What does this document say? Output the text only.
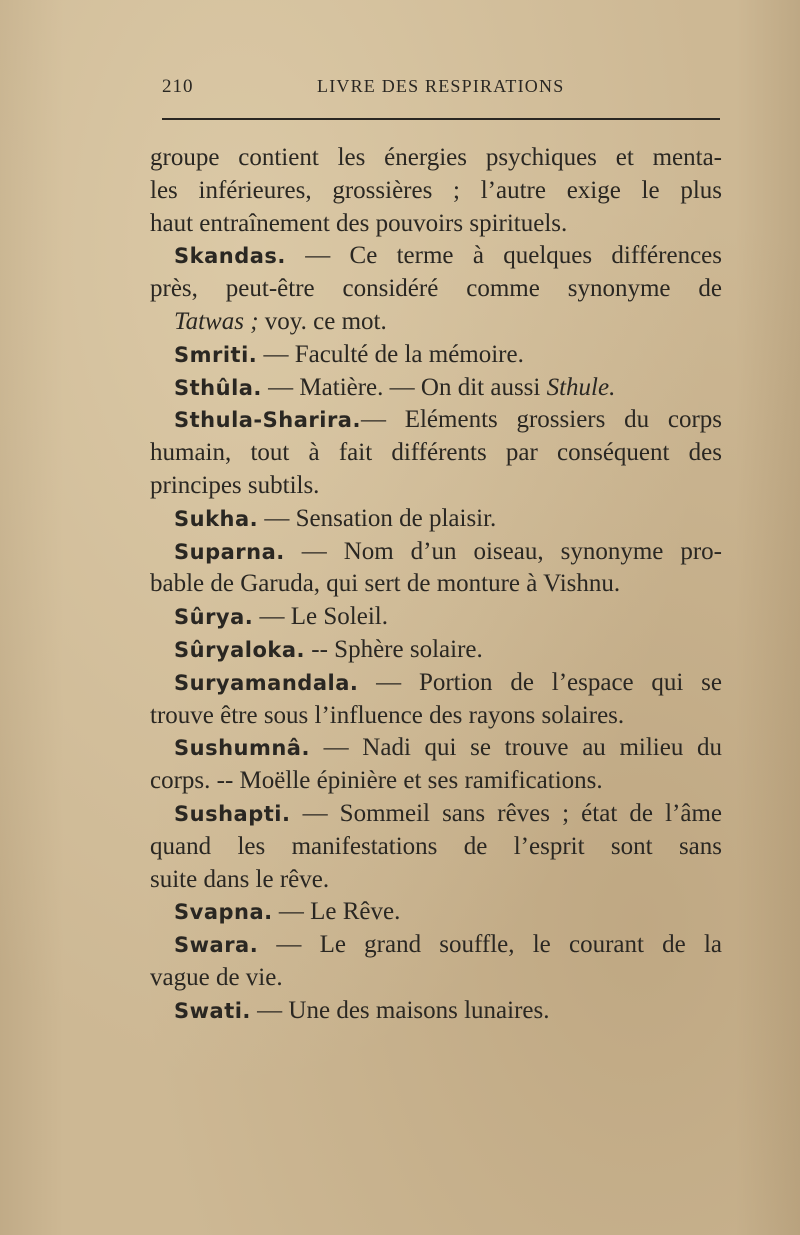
210	LIVRE DES RESPIRATIONS
groupe contient les énergies psychiques et menta-
les inférieures, grossières ; l’autre exige le plus
haut entraînement des pouvoirs spirituels.
Skandas. — Ce terme à quelques différences
près, peut-être considéré comme synonyme de
Tatwas ; voy. ce mot.
Smriti. — Faculté de la mémoire.
Sthûla. — Matière. — On dit aussi Sthule.
Sthula-Sharira.— Eléments grossiers du corps
humain, tout à fait différents par conséquent des
principes subtils.
Sukha. — Sensation de plaisir.
Suparna. — Nom d’un oiseau, synonyme pro-
bable de Garuda, qui sert de monture à Vishnu.
Sûrya. — Le Soleil.
Sûryaloka. -- Sphère solaire.
Suryamandala. — Portion de l’espace qui se
trouve être sous l’influence des rayons solaires.
Sushumnâ. — Nadi qui se trouve au milieu du
corps. -- Moëlle épinière et ses ramifications.
Sushapti. — Sommeil sans rêves ; état de l’âme
quand les manifestations de l’esprit sont sans
suite dans le rêve.
Svapna. — Le Rêve.
Swara. — Le grand souffle, le courant de la
vague de vie.
Swati. — Une des maisons lunaires.
